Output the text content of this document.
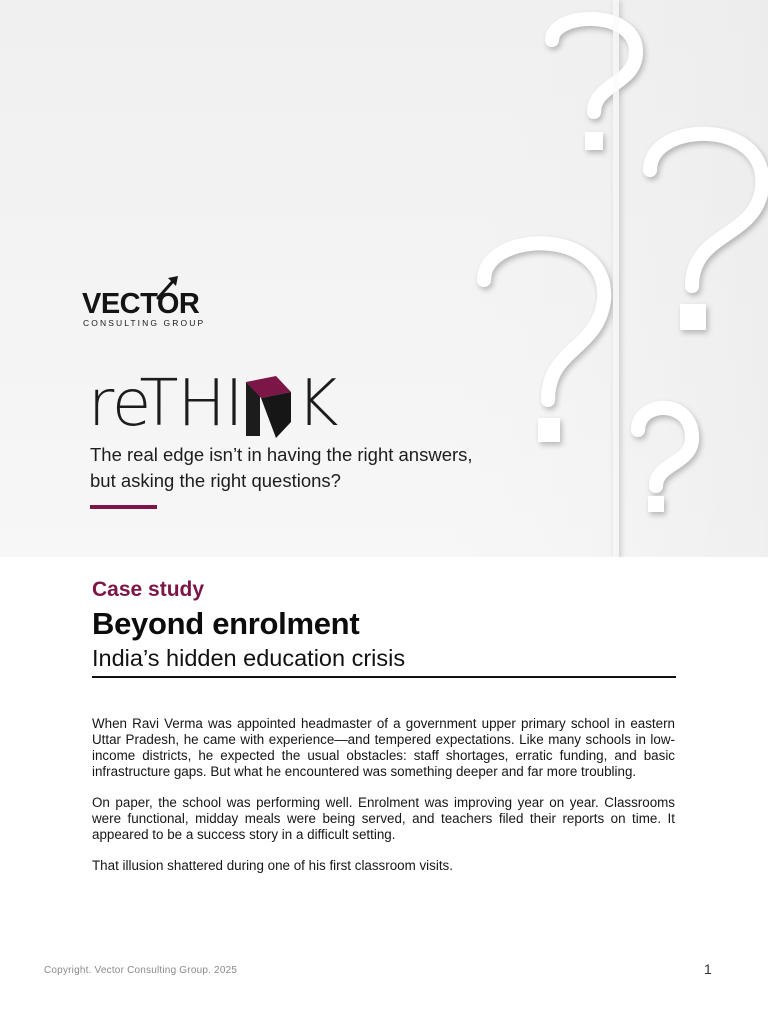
VECTOR
CONSULTING GROUP
reTHI K
The real edge isn’t in having the right answers,
but asking the right questions?
Case study
Beyond enrolment
India’s hidden education crisis

When Ravi Verma was appointed headmaster of a government upper primary school in eastern Uttar Pradesh, he came with experience—and tempered expectations. Like many schools in low-income districts, he expected the usual obstacles: staff shortages, erratic funding, and basic infrastructure gaps. But what he encountered was something deeper and far more troubling.

On paper, the school was performing well. Enrolment was improving year on year. Classrooms were functional, midday meals were being served, and teachers filed their reports on time. It appeared to be a success story in a difficult setting.

That illusion shattered during one of his first classroom visits.

Copyright. Vector Consulting Group. 2025	1
